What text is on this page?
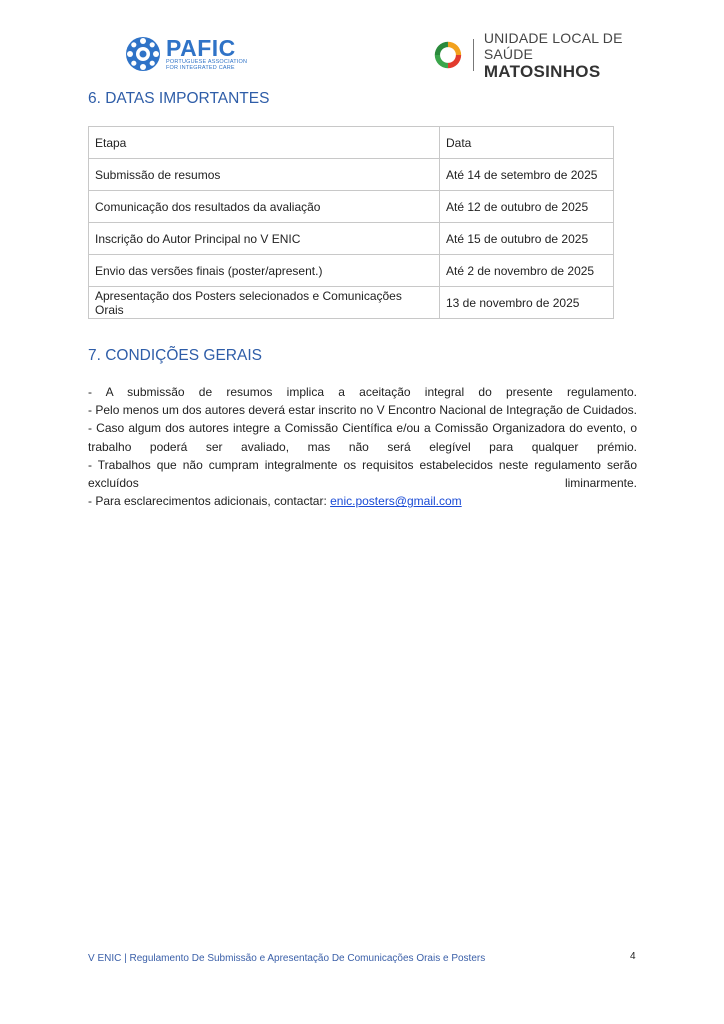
PAFIC
PORTUGUESE ASSOCIATION
FOR INTEGRATED CARE
UNIDADE LOCAL DE SAÚDE
MATOSINHOS
6. DATAS IMPORTANTES
Etapa	Data
Submissão de resumos	Até 14 de setembro de 2025
Comunicação dos resultados da avaliação	Até 12 de outubro de 2025
Inscrição do Autor Principal no V ENIC	Até 15 de outubro de 2025
Envio das versões finais (poster/apresent.)	Até 2 de novembro de 2025
Apresentação dos Posters selecionados e Comunicações Orais	13 de novembro de 2025
7. CONDIÇÕES GERAIS

- A submissão de resumos implica a aceitação integral do presente regulamento.

- Pelo menos um dos autores deverá estar inscrito no V Encontro Nacional de Integração de Cuidados.

- Caso algum dos autores integre a Comissão Científica e/ou a Comissão Organizadora do evento, o trabalho poderá ser avaliado, mas não será elegível para qualquer prémio.

- Trabalhos que não cumpram integralmente os requisitos estabelecidos neste regulamento serão excluídos liminarmente.

- Para esclarecimentos adicionais, contactar: enic.posters@gmail.com

V ENIC | Regulamento De Submissão e Apresentação De Comunicações Orais e Posters	4
